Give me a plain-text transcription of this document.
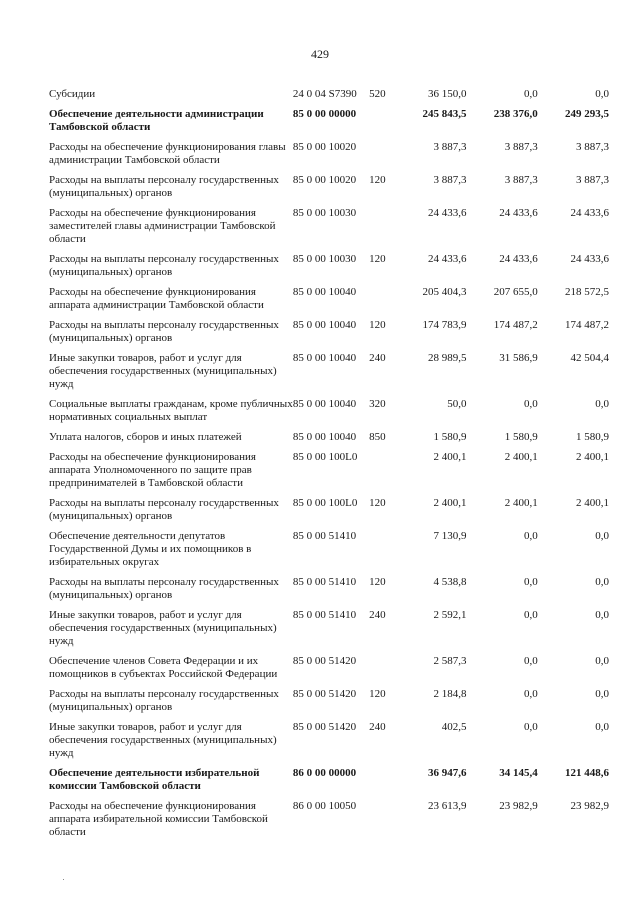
429
Субсидии	24 0 04 S7390	520	36 150,0	0,0	0,0
Обеспечение деятельности администрации Тамбовской области	85 0 00 00000		245 843,5	238 376,0	249 293,5
Расходы на обеспечение функционирования главы администрации Тамбовской области	85 0 00 10020		3 887,3	3 887,3	3 887,3
Расходы на выплаты персоналу государственных (муниципальных) органов	85 0 00 10020	120	3 887,3	3 887,3	3 887,3
Расходы на обеспечение функционирования заместителей главы администрации Тамбовской области	85 0 00 10030		24 433,6	24 433,6	24 433,6
Расходы на выплаты персоналу государственных (муниципальных) органов	85 0 00 10030	120	24 433,6	24 433,6	24 433,6
Расходы на обеспечение функционирования аппарата администрации Тамбовской области	85 0 00 10040		205 404,3	207 655,0	218 572,5
Расходы на выплаты персоналу государственных (муниципальных) органов	85 0 00 10040	120	174 783,9	174 487,2	174 487,2
Иные закупки товаров, работ и услуг для обеспечения государственных (муниципальных) нужд	85 0 00 10040	240	28 989,5	31 586,9	42 504,4
Социальные выплаты гражданам, кроме публичных нормативных социальных выплат	85 0 00 10040	320	50,0	0,0	0,0
Уплата налогов, сборов и иных платежей	85 0 00 10040	850	1 580,9	1 580,9	1 580,9
Расходы на обеспечение функционирования аппарата Уполномоченного по защите прав предпринимателей в Тамбовской области	85 0 00 100L0		2 400,1	2 400,1	2 400,1
Расходы на выплаты персоналу государственных (муниципальных) органов	85 0 00 100L0	120	2 400,1	2 400,1	2 400,1
Обеспечение деятельности депутатов Государственной Думы и их помощников в избирательных округах	85 0 00 51410		7 130,9	0,0	0,0
Расходы на выплаты персоналу государственных (муниципальных) органов	85 0 00 51410	120	4 538,8	0,0	0,0
Иные закупки товаров, работ и услуг для обеспечения государственных (муниципальных) нужд	85 0 00 51410	240	2 592,1	0,0	0,0
Обеспечение членов Совета Федерации и их помощников в субъектах Российской Федерации	85 0 00 51420		2 587,3	0,0	0,0
Расходы на выплаты персоналу государственных (муниципальных) органов	85 0 00 51420	120	2 184,8	0,0	0,0
Иные закупки товаров, работ и услуг для обеспечения государственных (муниципальных) нужд	85 0 00 51420	240	402,5	0,0	0,0
Обеспечение деятельности избирательной комиссии Тамбовской области	86 0 00 00000		36 947,6	34 145,4	121 448,6
Расходы на обеспечение функционирования аппарата избирательной комиссии Тамбовской области	86 0 00 10050		23 613,9	23 982,9	23 982,9
